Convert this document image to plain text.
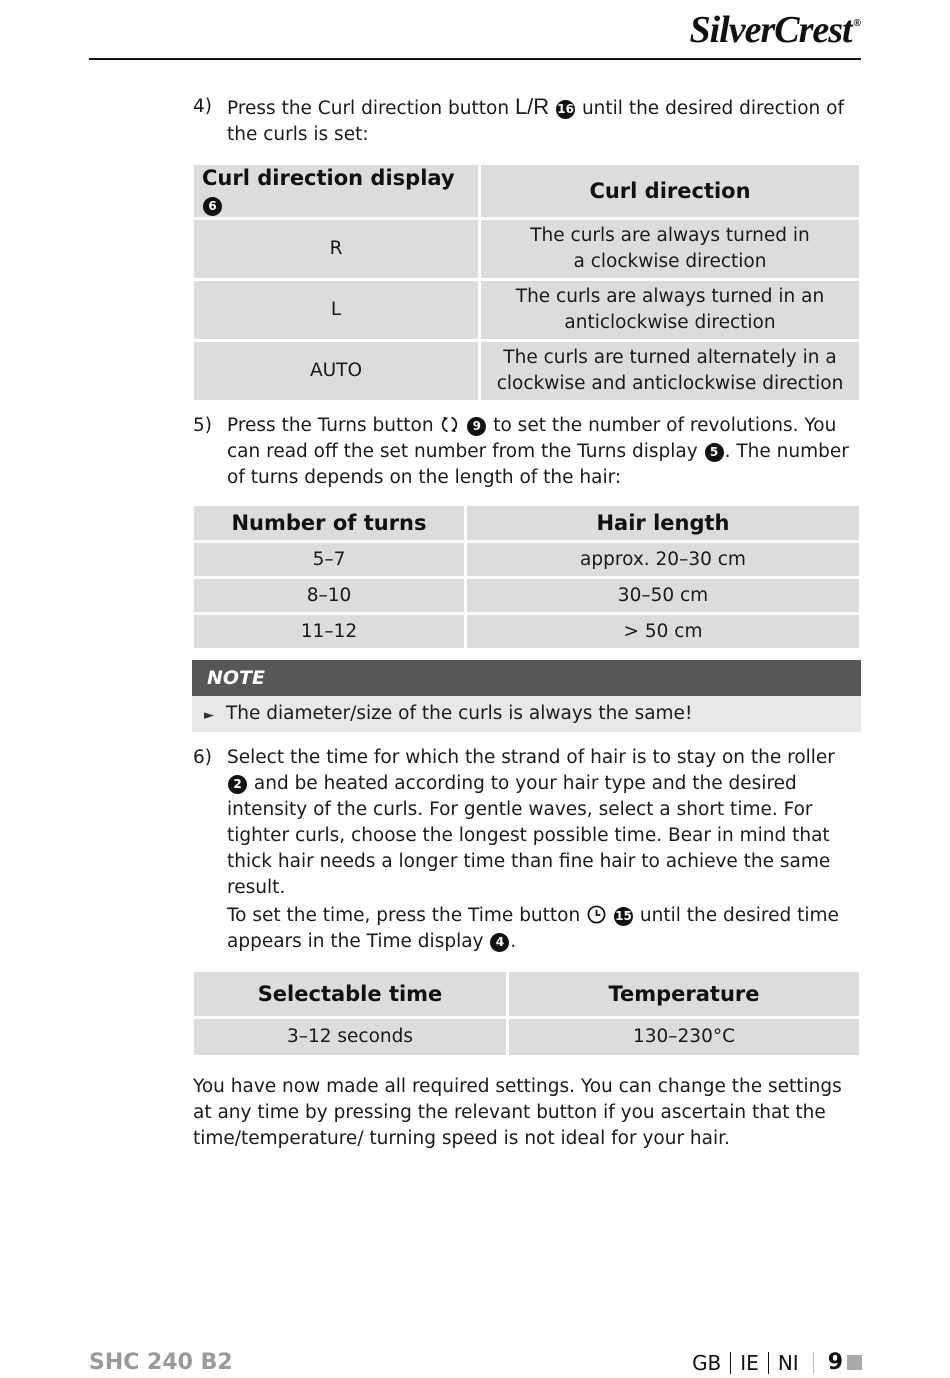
SilverCrest ®
4) Press the Curl direction button L/R 16 until the desired direction of the curls is set:
Curl direction display 6	Curl direction
R	The curls are always turned in
a clockwise direction
L	The curls are always turned in an
anticlockwise direction
AUTO	The curls are turned alternately in a
clockwise and anticlockwise direction
5) Press the Turns button	9 to set the number of revolutions. You can read off the set number from the Turns display 5 . The number of turns depends on the length of the hair:
Number of turns	Hair length
5–7	approx. 20–30 cm
8–10	30–50 cm
11–12	> 50 cm
NOTE
► The diameter/size of the curls is always the same!
6) Select the time for which the strand of hair is to stay on the roller 2 and be heated according to your hair type and the desired intensity of the curls. For gentle waves, select a short time. For tighter curls, choose the longest possible time. Bear in mind that thick hair needs a longer time than fine hair to achieve the same result.
To set the time, press the Time button  15 until the desired time appears in the Time display 4 .
Selectable time	Temperature
3–12 seconds	130–230°C

You have now made all required settings. You can change the settings at any time by pressing the relevant button if you ascertain that the time/temperature/ turning speed is not ideal for your hair.

SHC 240 B2	GB IE NI 9
